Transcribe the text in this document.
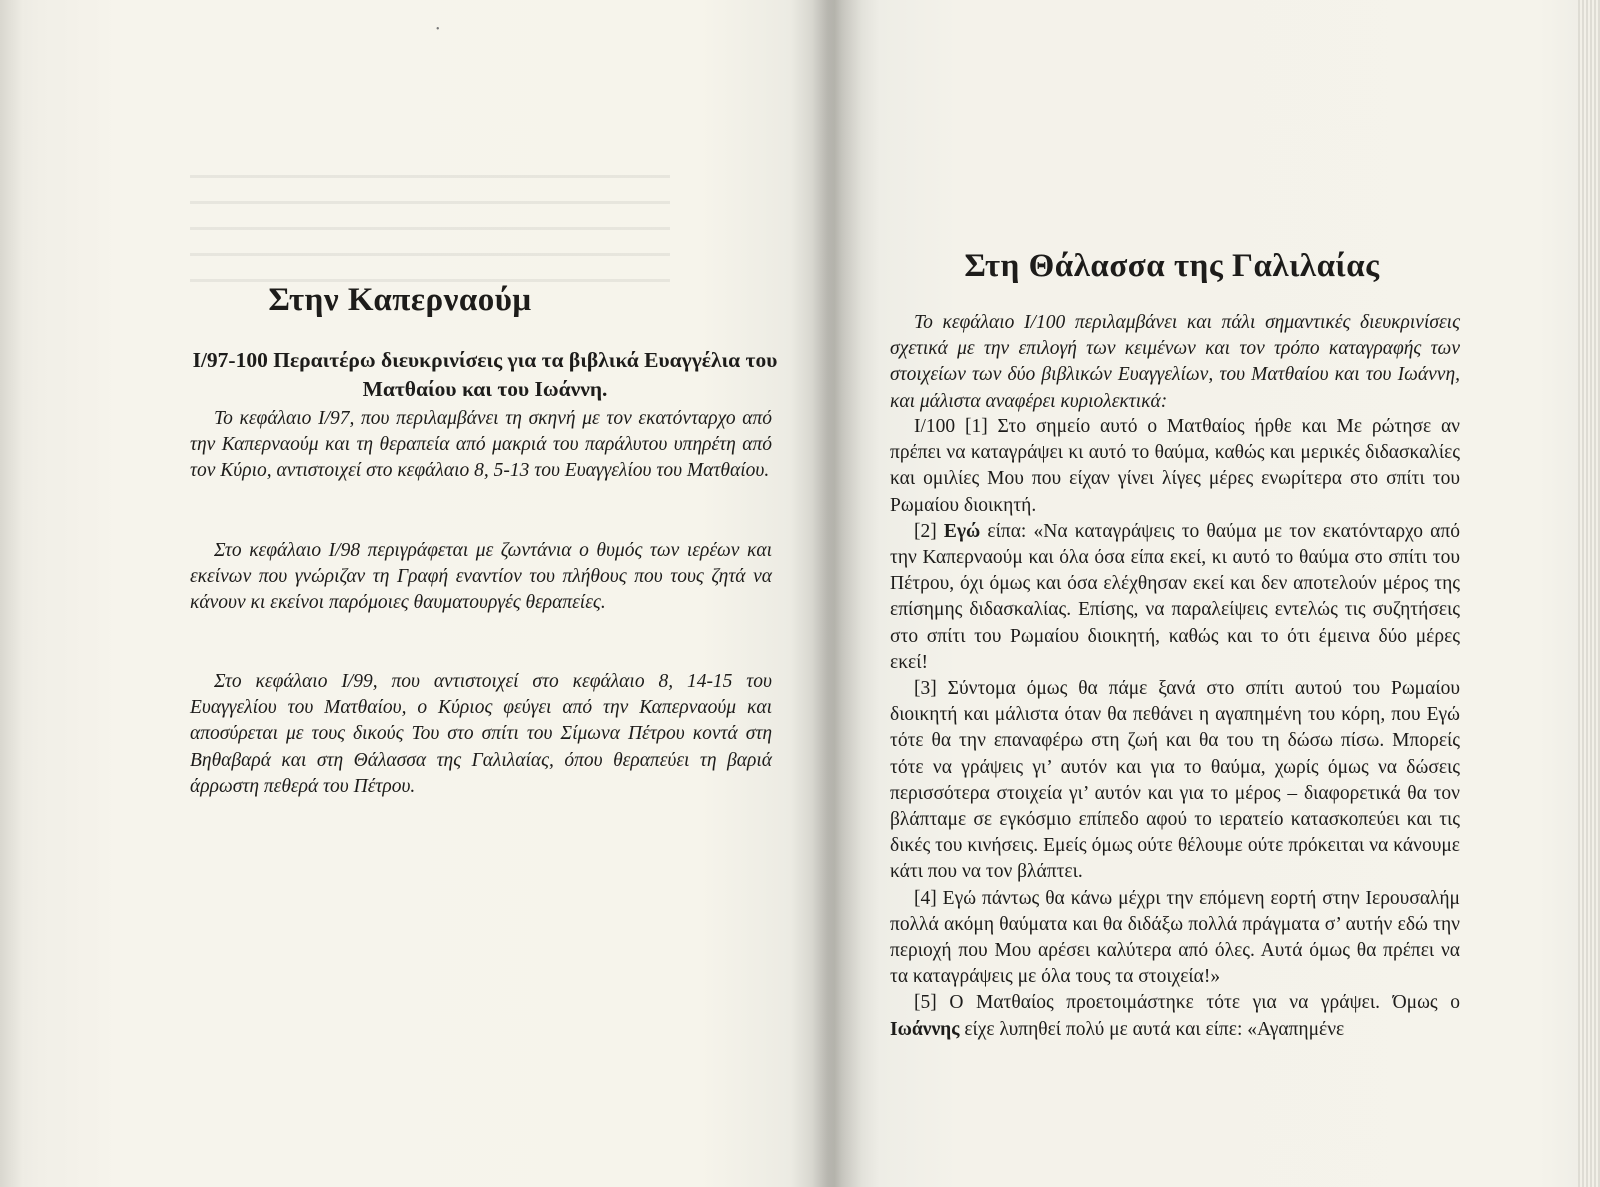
•
Στην Καπερναούμ
I/97-100 Περαιτέρω διευκρινίσεις για τα βιβλικά Ευαγγέλια του Ματθαίου και του Ιωάννη.

Το κεφάλαιο I/97, που περιλαμβάνει τη σκηνή με τον εκατόνταρχο από την Καπερναούμ και τη θεραπεία από μακριά του παράλυτου υπηρέτη από τον Κύριο, αντιστοιχεί στο κεφάλαιο 8, 5-13 του Ευαγγελίου του Ματθαίου.

Στο κεφάλαιο I/98 περιγράφεται με ζωντάνια ο θυμός των ιερέων και εκείνων που γνώριζαν τη Γραφή εναντίον του πλήθους που τους ζητά να κάνουν κι εκείνοι παρόμοιες θαυματουργές θεραπείες.

Στο κεφάλαιο I/99, που αντιστοιχεί στο κεφάλαιο 8, 14-15 του Ευαγγελίου του Ματθαίου, ο Κύριος φεύγει από την Καπερναούμ και αποσύρεται με τους δικούς Του στο σπίτι του Σίμωνα Πέτρου κοντά στη Βηθαβαρά και στη Θάλασσα της Γαλιλαίας, όπου θεραπεύει τη βαριά άρρωστη πεθερά του Πέτρου.

Στη Θάλασσα της Γαλιλαίας

Το κεφάλαιο I/100 περιλαμβάνει και πάλι σημαντικές διευκρινίσεις σχετικά με την επιλογή των κειμένων και τον τρόπο καταγραφής των στοιχείων των δύο βιβλικών Ευαγγελίων, του Ματθαίου και του Ιωάννη, και μάλιστα αναφέρει κυριολεκτικά:

I/100 [1] Στο σημείο αυτό ο Ματθαίος ήρθε και Με ρώτησε αν πρέπει να καταγράψει κι αυτό το θαύμα, καθώς και μερικές διδασκαλίες και ομιλίες Μου που είχαν γίνει λίγες μέρες ενωρίτερα στο σπίτι του Ρωμαίου διοικητή.

[2] Εγώ είπα: «Να καταγράψεις το θαύμα με τον εκατόνταρχο από την Καπερναούμ και όλα όσα είπα εκεί, κι αυτό το θαύμα στο σπίτι του Πέτρου, όχι όμως και όσα ελέχθησαν εκεί και δεν αποτελούν μέρος της επίσημης διδασκαλίας. Επίσης, να παραλείψεις εντελώς τις συζητήσεις στο σπίτι του Ρωμαίου διοικητή, καθώς και το ότι έμεινα δύο μέρες εκεί!

[3] Σύντομα όμως θα πάμε ξανά στο σπίτι αυτού του Ρωμαίου διοικητή και μάλιστα όταν θα πεθάνει η αγαπημένη του κόρη, που Εγώ τότε θα την επαναφέρω στη ζωή και θα του τη δώσω πίσω. Μπορείς τότε να γράψεις γι’ αυτόν και για το θαύμα, χωρίς όμως να δώσεις περισσότερα στοιχεία γι’ αυτόν και για το μέρος – διαφορετικά θα τον βλάπταμε σε εγκόσμιο επίπεδο αφού το ιερατείο κατασκοπεύει και τις δικές του κινήσεις. Εμείς όμως ούτε θέλουμε ούτε πρόκειται να κάνουμε κάτι που να τον βλάπτει.

[4] Εγώ πάντως θα κάνω μέχρι την επόμενη εορτή στην Ιερουσαλήμ πολλά ακόμη θαύματα και θα διδάξω πολλά πράγματα σ’ αυτήν εδώ την περιοχή που Μου αρέσει καλύτερα από όλες. Αυτά όμως θα πρέπει να τα καταγράψεις με όλα τους τα στοιχεία!»

[5] Ο Ματθαίος προετοιμάστηκε τότε για να γράψει. Όμως ο Ιωάννης είχε λυπηθεί πολύ με αυτά και είπε: «Αγαπημένε
